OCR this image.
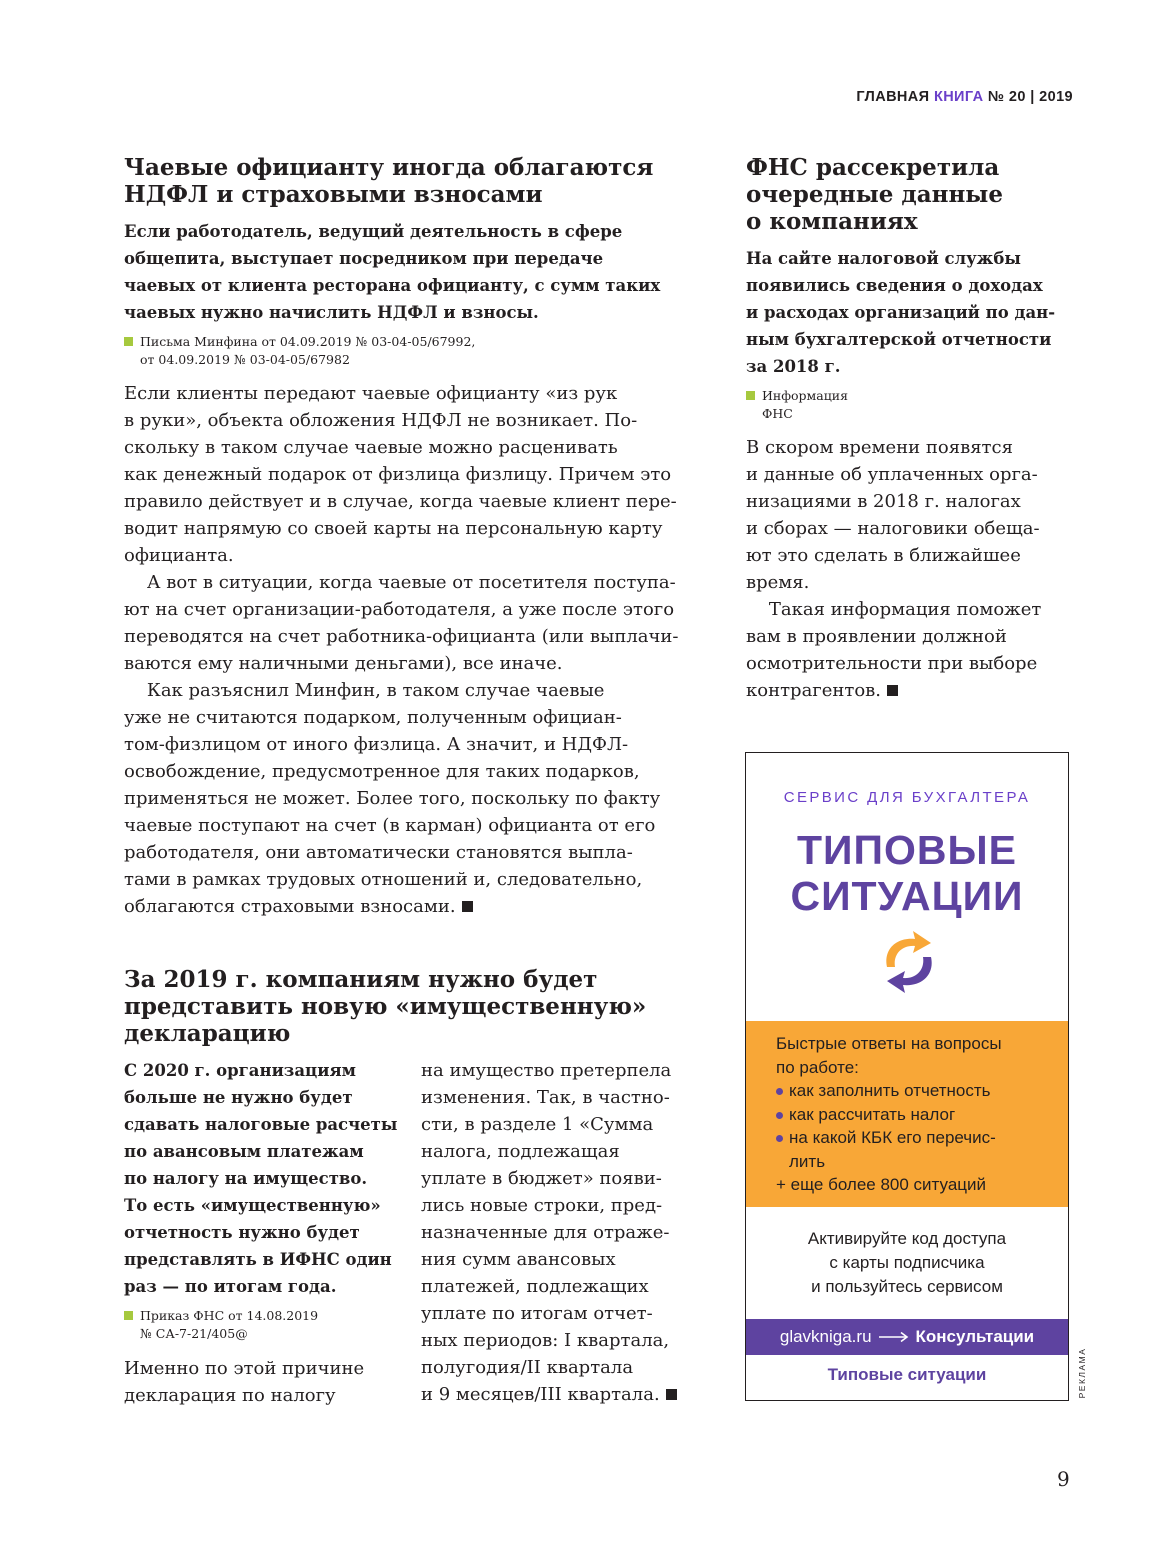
ГЛАВНАЯ КНИГА № 20 | 2019
Чаевые официанту иногда облагаются
НДФЛ и страховыми взносами
Если работодатель, ведущий деятельность в сфере
общепита, выступает посредником при передаче
чаевых от клиента ресторана официанту, с сумм таких
чаевых нужно начислить НДФЛ и взносы.
Письма Минфина от 04.09.2019 № 03-04-05/67992,
от 04.09.2019 № 03-04-05/67982
Если клиенты передают чаевые официанту «из рук
в руки», объекта обложения НДФЛ не возникает. По-
скольку в таком случае чаевые можно расценивать
как денежный подарок от физлица физлицу. Причем это
правило действует и в случае, когда чаевые клиент пере-
водит напрямую со своей карты на персональную карту
официанта.
А вот в ситуации, когда чаевые от посетителя поступа-
ют на счет организации-работодателя, а уже после этого
переводятся на счет работника-официанта (или выплачи-
ваются ему наличными деньгами), все иначе.
Как разъяснил Минфин, в таком случае чаевые
уже не считаются подарком, полученным официан-
том-физлицом от иного физлица. А значит, и НДФЛ-
освобождение, предусмотренное для таких подарков,
применяться не может. Более того, поскольку по факту
чаевые поступают на счет (в карман) официанта от его
работодателя, они автоматически становятся выпла-
тами в рамках трудовых отношений и, следовательно,
облагаются страховыми взносами.
За 2019 г. компаниям нужно будет
представить новую «имущественную»
декларацию
С 2020 г. организациям
больше не нужно будет
сдавать налоговые расчеты
по авансовым платежам
по налогу на имущество.
То есть «имущественную»
отчетность нужно будет
представлять в ИФНС один
раз — по итогам года.
Приказ ФНС от 14.08.2019
№ СА-7-21/405@
Именно по этой причине
декларация по налогу
на имущество претерпела
изменения. Так, в частно-
сти, в разделе 1 «Сумма
налога, подлежащая
уплате в бюджет» появи-
лись новые строки, пред-
назначенные для отраже-
ния сумм авансовых
платежей, подлежащих
уплате по итогам отчет-
ных периодов: I квартала,
полугодия/II квартала
и 9 месяцев/III квартала.
ФНС рассекретила
очередные данные
о компаниях
На сайте налоговой службы
появились сведения о доходах
и расходах организаций по дан-
ным бухгалтерской отчетности
за 2018 г.
Информация
ФНС
В скором времени появятся
и данные об уплаченных орга-
низациями в 2018 г. налогах
и сборах — налоговики обеща-
ют это сделать в ближайшее
время.
Такая информация поможет
вам в проявлении должной
осмотрительности при выборе
контрагентов.
СЕРВИС ДЛЯ БУХГАЛТЕРА
ТИПОВЫЕ
СИТУАЦИИ
Быстрые ответы на вопросы
по работе:
как заполнить отчетность
как рассчитать налог
на какой КБК его перечис-
лить
+ еще более 800 ситуаций
Активируйте код доступа
с карты подписчика
и пользуйтесь сервисом
glavkniga.ru	Консультации
Типовые ситуации	РЕКЛАМА
9
